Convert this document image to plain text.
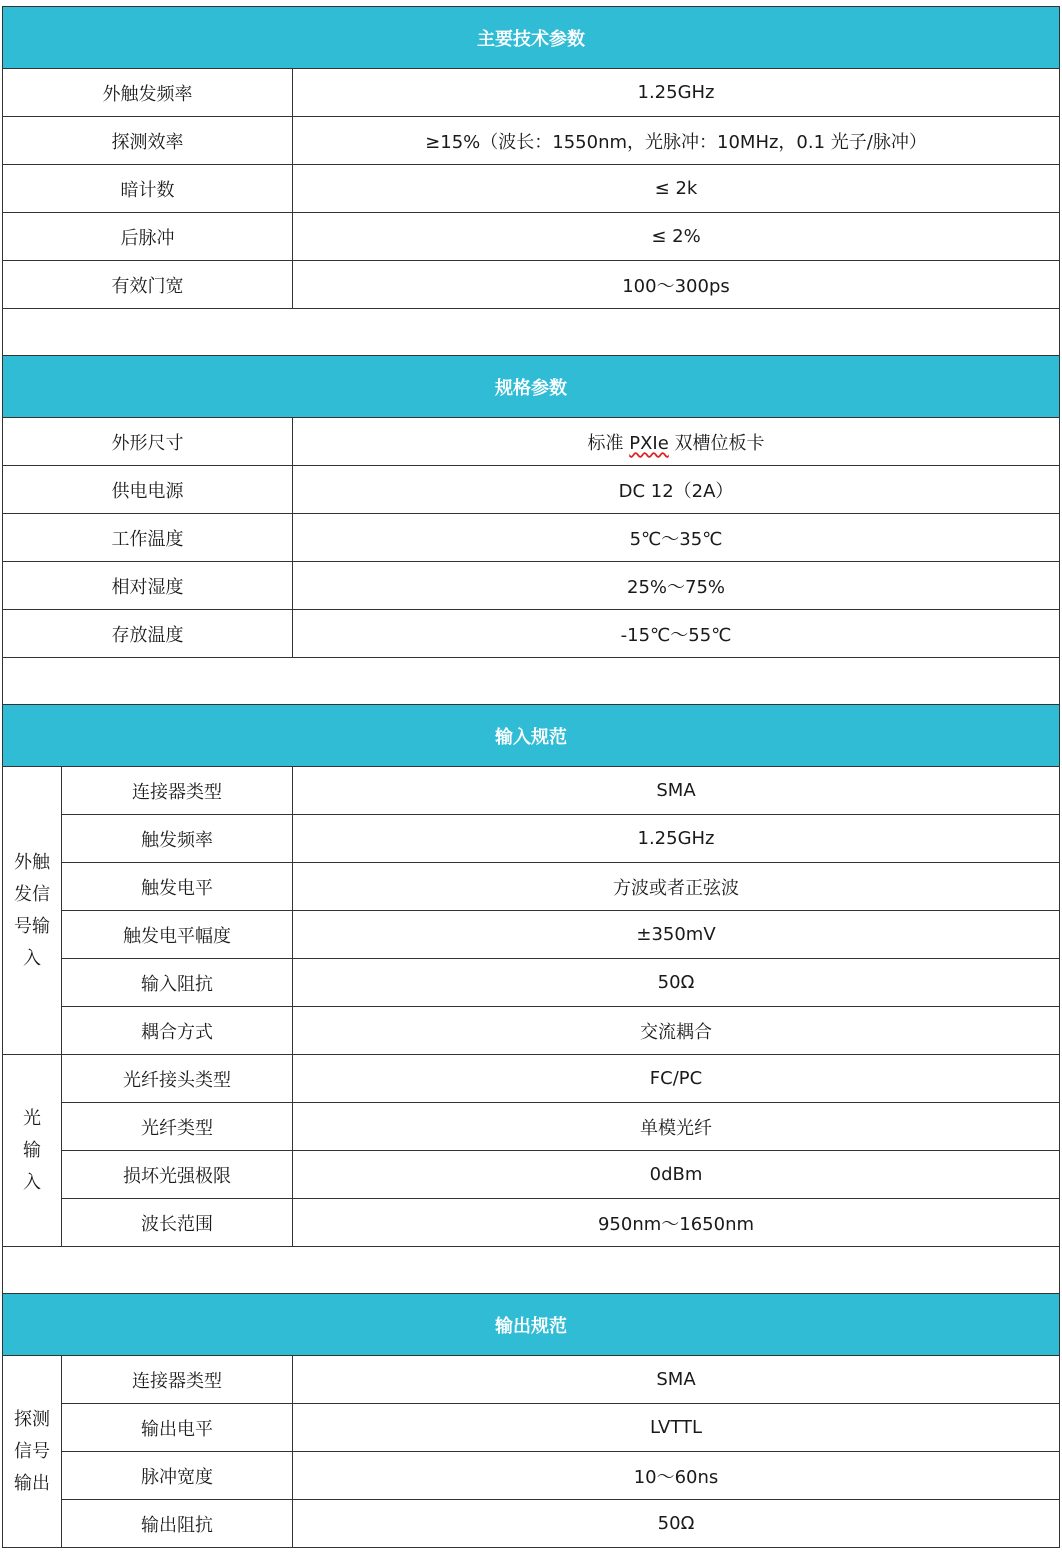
主要技术参数		
外触发频率		1.25GHz
探测效率		≥15%（波长：1550nm，光脉冲：10MHz，0.1 光子/脉冲）
暗计数		≤ 2k
后脉冲		≤ 2%
有效门宽		100～300ps

规格参数		
外形尺寸		标准 PXIe 双槽位板卡
供电电源		DC 12（2A）
工作温度		5℃～35℃
相对湿度		25%～75%
存放温度		-15℃～55℃

输入规范		

外触
发信
号输
入	连接器类型	SMA
	触发频率	1.25GHz
	触发电平	方波或者正弦波
	触发电平幅度	±350mV
	输入阻抗	50Ω
	耦合方式	交流耦合

光
输
入	光纤接头类型	FC/PC
	光纤类型	单模光纤
	损坏光强极限	0dBm
	波长范围	950nm～1650nm

输出规范		

探测
信号
输出	连接器类型	SMA
	输出电平	LVTTL
	脉冲宽度	10～60ns
	输出阻抗	50Ω
